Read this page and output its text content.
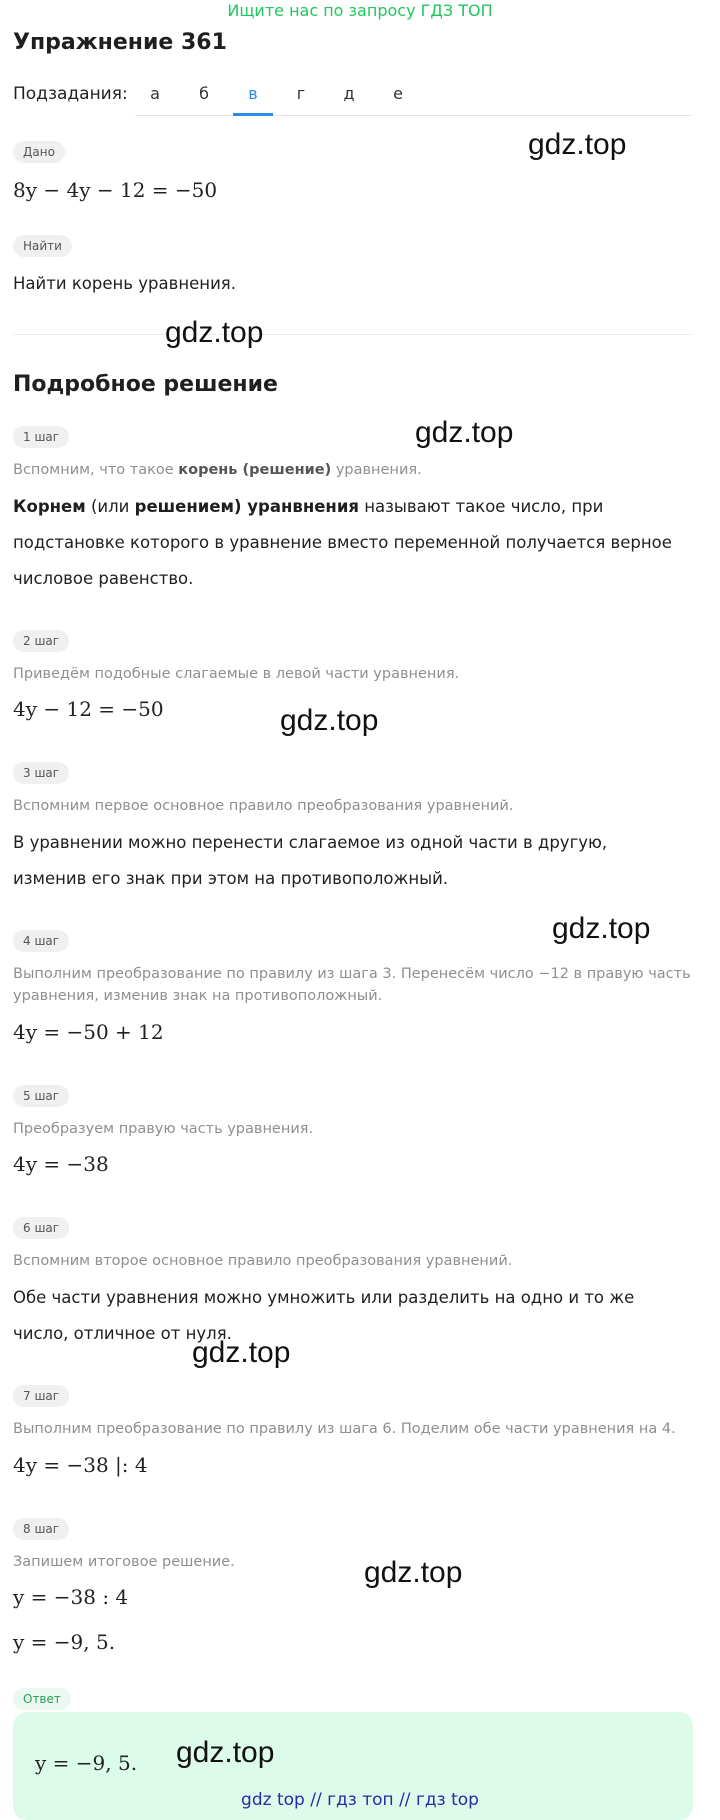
Ищите нас по запросу ГДЗ ТОП
Упражнение 361
Подзадания:	а	б	в	г	д	е
Дано
8y − 4y − 12 = −50
Найти
Найти корень уравнения.
Подробное решение
1 шаг
Вспомним, что такое корень (решение) уравнения.
Корнем (или решением) уранвнения называют такое число, при подстановке которого в уравнение вместо переменной получается верное числовое равенство.
2 шаг
Приведём подобные слагаемые в левой части уравнения.
4y − 12 = −50
3 шаг
Вспомним первое основное правило преобразования уравнений.
В уравнении можно перенести слагаемое из одной части в другую, изменив его знак при этом на противоположный.
4 шаг
Выполним преобразование по правилу из шага 3. Перенесём число −12 в правую часть уравнения, изменив знак на противоположный.
4y = −50 + 12
5 шаг
Преобразуем правую часть уравнения.
4y = −38
6 шаг
Вспомним второе основное правило преобразования уравнений.
Обе части уравнения можно умножить или разделить на одно и то же число, отличное от нуля.
7 шаг
Выполним преобразование по правилу из шага 6. Поделим обе части уравнения на 4.
4y = −38 |: 4
8 шаг
Запишем итоговое решение.
y = −38 : 4
y = −9, 5.
Ответ
y = −9, 5.
gdz.top
gdz.top
gdz.top
gdz.top
gdz.top
gdz.top
gdz.top
gdz.top
gdz top // гдз топ // гдз top
